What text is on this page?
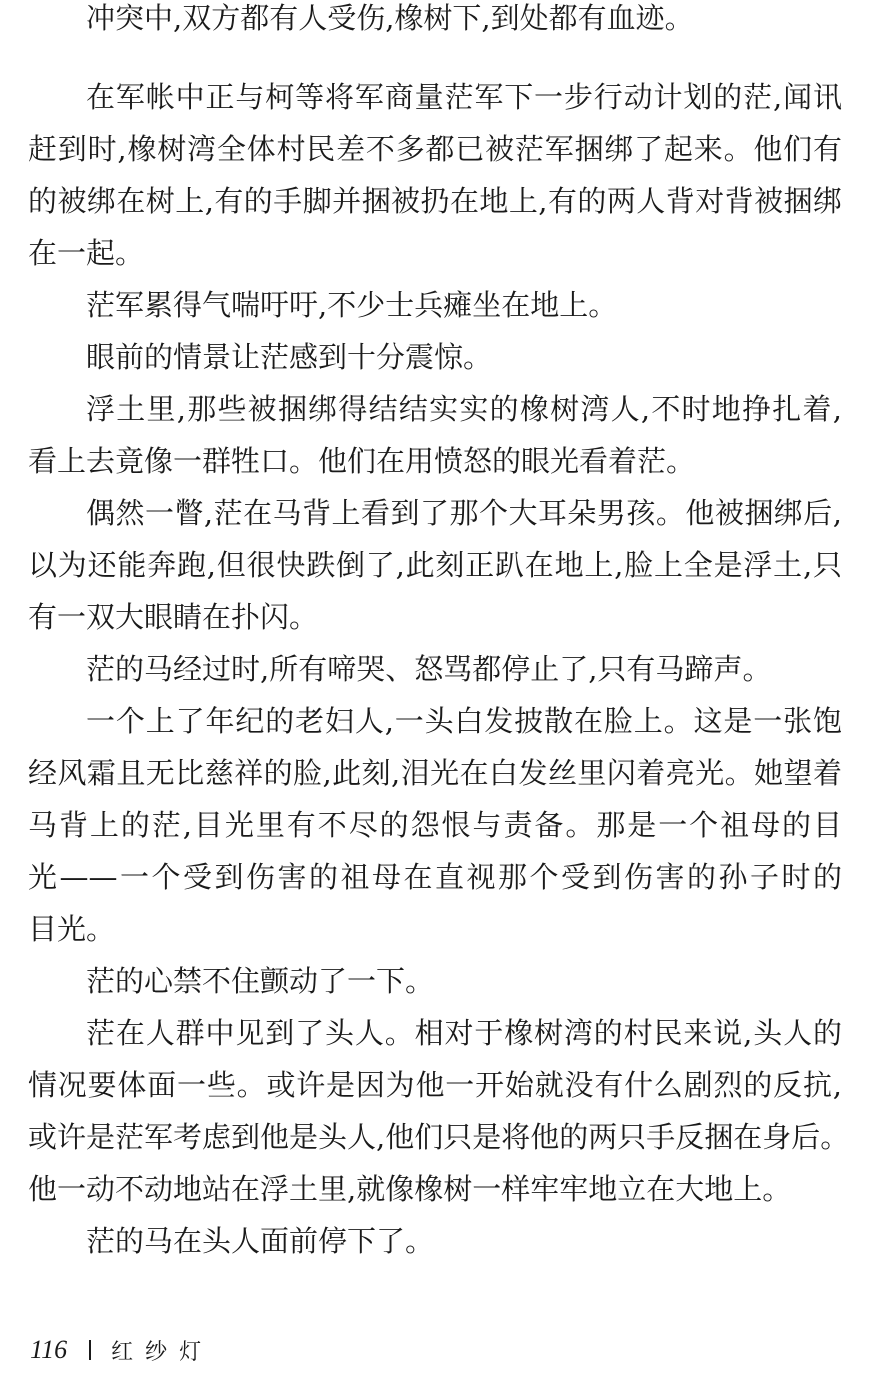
冲突中,双方都有人受伤,橡树下,到处都有血迹。
在军帐中正与柯等将军商量茫军下一步行动计划的茫,闻讯
赶到时,橡树湾全体村民差不多都已被茫军捆绑了起来。他们有
的被绑在树上,有的手脚并捆被扔在地上,有的两人背对背被捆绑
在一起。
茫军累得气喘吁吁,不少士兵瘫坐在地上。
眼前的情景让茫感到十分震惊。
浮土里,那些被捆绑得结结实实的橡树湾人,不时地挣扎着,
看上去竟像一群牲口。他们在用愤怒的眼光看着茫。
偶然一瞥,茫在马背上看到了那个大耳朵男孩。他被捆绑后,
以为还能奔跑,但很快跌倒了,此刻正趴在地上,脸上全是浮土,只
有一双大眼睛在扑闪。
茫的马经过时,所有啼哭、怒骂都停止了,只有马蹄声。
一个上了年纪的老妇人,一头白发披散在脸上。这是一张饱
经风霜且无比慈祥的脸,此刻,泪光在白发丝里闪着亮光。她望着
马背上的茫,目光里有不尽的怨恨与责备。那是一个祖母的目
光——一个受到伤害的祖母在直视那个受到伤害的孙子时的
目光。
茫的心禁不住颤动了一下。
茫在人群中见到了头人。相对于橡树湾的村民来说,头人的
情况要体面一些。或许是因为他一开始就没有什么剧烈的反抗,
或许是茫军考虑到他是头人,他们只是将他的两只手反捆在身后。
他一动不动地站在浮土里,就像橡树一样牢牢地立在大地上。
茫的马在头人面前停下了。
116 红纱灯
